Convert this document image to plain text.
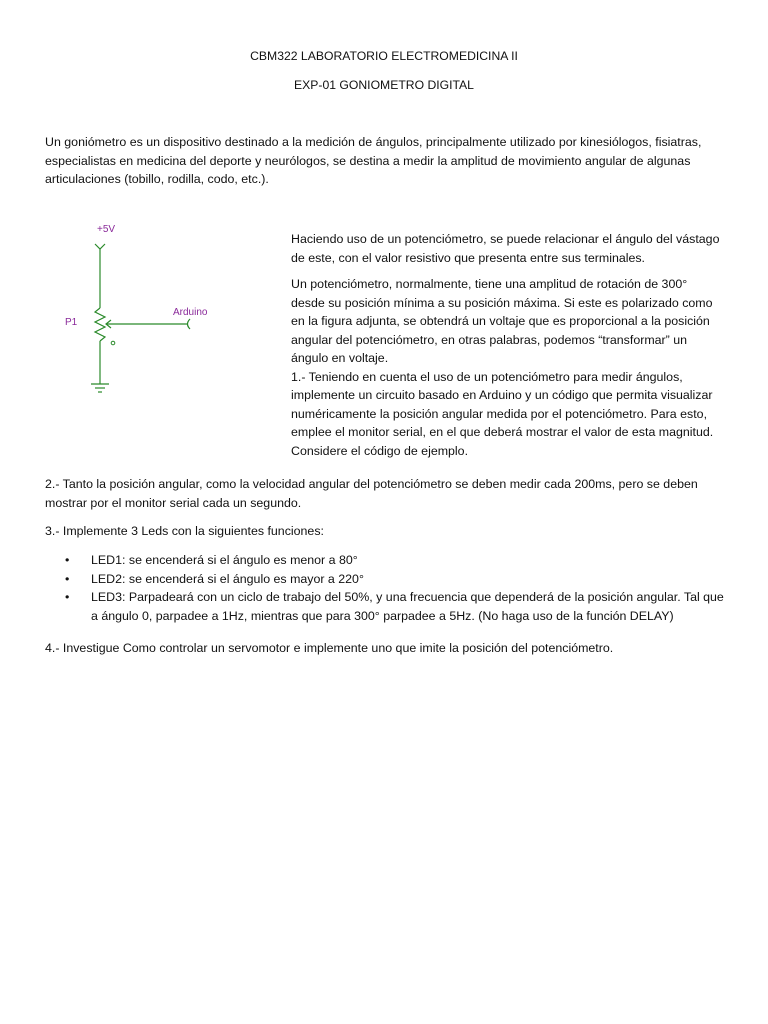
CBM322 LABORATORIO ELECTROMEDICINA II
EXP-01 GONIOMETRO DIGITAL

Un goniómetro es un dispositivo destinado a la medición de ángulos, principalmente utilizado por kinesiólogos, fisiatras, especialistas en medicina del deporte y neurólogos, se destina a medir la amplitud de movimiento angular de algunas articulaciones (tobillo, rodilla, codo, etc.).

+5V
P1
Arduino

Haciendo uso de un potenciómetro, se puede relacionar el ángulo del vástago de este, con el valor resistivo que presenta entre sus terminales.

Un potenciómetro, normalmente, tiene una amplitud de rotación de 300° desde su posición mínima a su posición máxima. Si este es polarizado como en la figura adjunta, se obtendrá un voltaje que es proporcional a la posición angular del potenciómetro, en otras palabras, podemos “transformar” un ángulo en voltaje.

1.- Teniendo en cuenta el uso de un potenciómetro para medir ángulos, implemente un circuito basado en Arduino y un código que permita visualizar numéricamente la posición angular medida por el potenciómetro. Para esto, emplee el monitor serial, en el que deberá mostrar el valor de esta magnitud. Considere el código de ejemplo.

2.- Tanto la posición angular, como la velocidad angular del potenciómetro se deben medir cada 200ms, pero se deben mostrar por el monitor serial cada un segundo.

3.- Implemente 3 Leds con la siguientes funciones:

• LED1: se encenderá si el ángulo es menor a 80°
• LED2: se encenderá si el ángulo es mayor a 220°
• LED3: Parpadeará con un ciclo de trabajo del 50%, y una frecuencia que dependerá de la posición angular. Tal que a ángulo 0, parpadee a 1Hz, mientras que para 300° parpadee a 5Hz. (No haga uso de la función DELAY)

4.- Investigue Como controlar un servomotor e implemente uno que imite la posición del potenciómetro.
